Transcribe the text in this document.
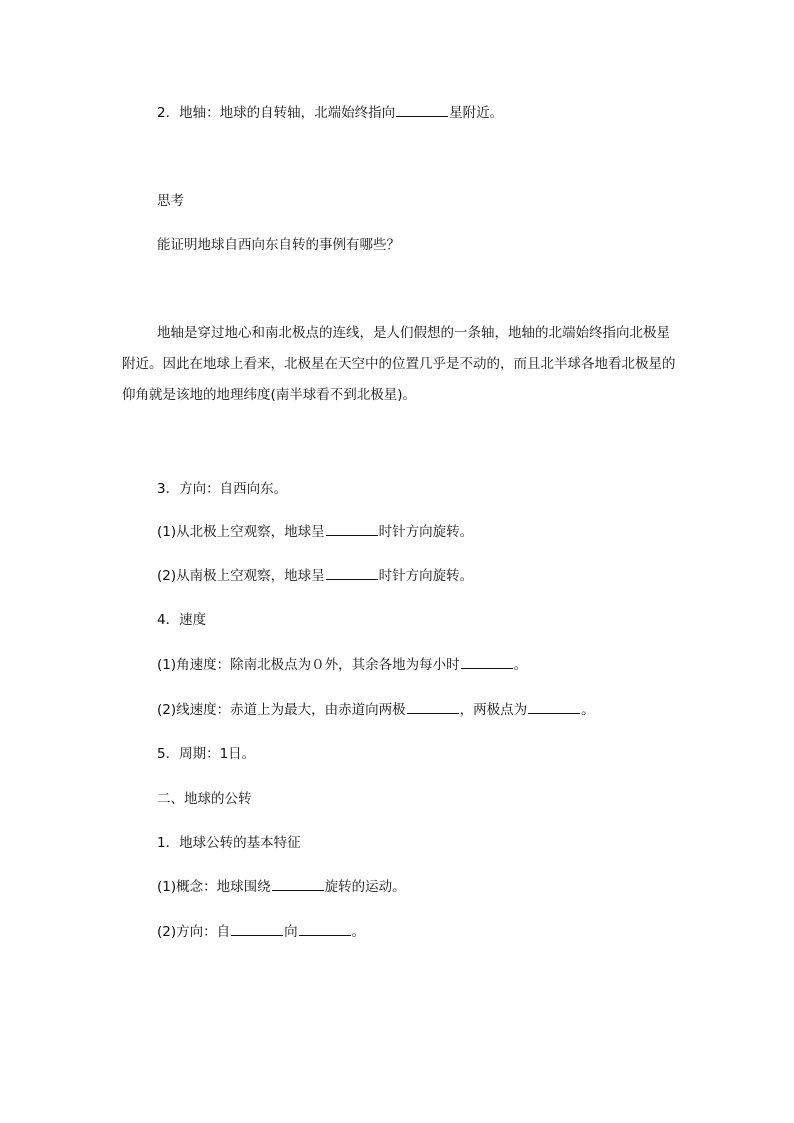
2．地轴：地球的自转轴，北端始终指向	星附近。
思考
能证明地球自西向东自转的事例有哪些？
地轴是穿过地心和南北极点的连线，是人们假想的一条轴，地轴的北端始终指向北极星附近。因此在地球上看来，北极星在天空中的位置几乎是不动的，而且北半球各地看北极星的仰角就是该地的地理纬度(南半球看不到北极星)。
3．方向：自西向东。
(1)从北极上空观察，地球呈	时针方向旋转。
(2)从南极上空观察，地球呈	时针方向旋转。
4．速度
(1)角速度：除南北极点为０外，其余各地为每小时	。
(2)线速度：赤道上为最大，由赤道向两极	，两极点为	。
5．周期：1日。
二、地球的公转
1．地球公转的基本特征
(1)概念：地球围绕	旋转的运动。
(2)方向：自	向	。
